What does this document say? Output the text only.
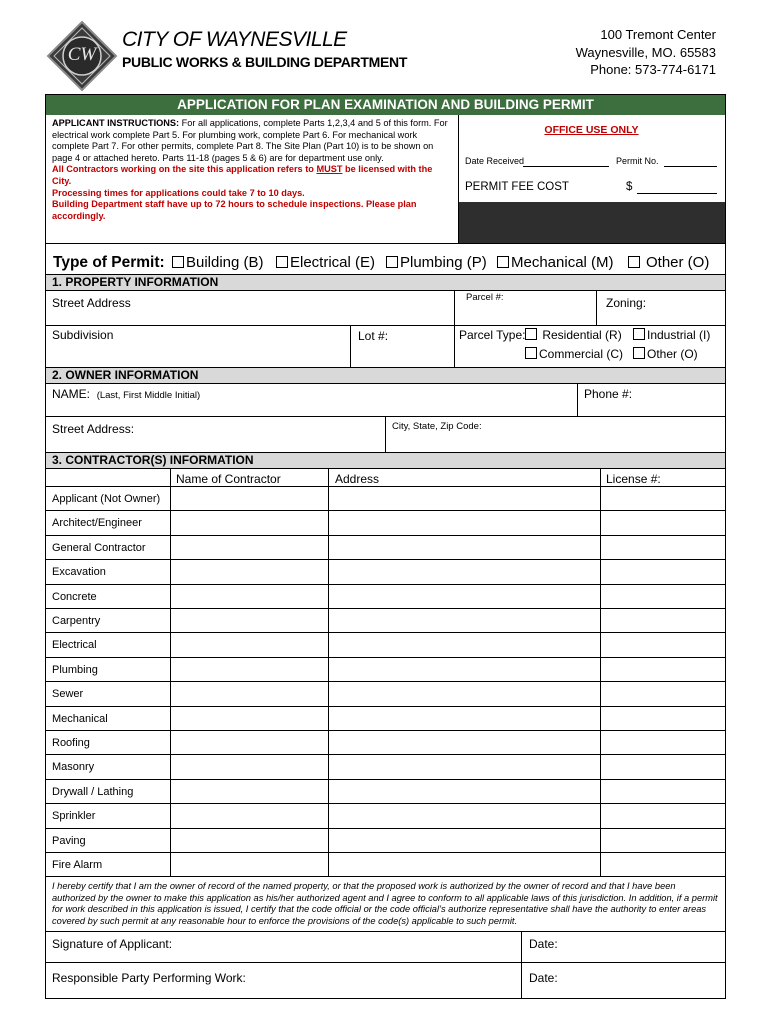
CW
CITY OF WAYNESVILLE
PUBLIC WORKS & BUILDING DEPARTMENT
100 Tremont Center
Waynesville, MO. 65583
Phone: 573-774-6171
APPLICATION FOR PLAN EXAMINATION AND BUILDING PERMIT
APPLICANT INSTRUCTIONS: For all applications, complete Parts 1,2,3,4 and 5 of this form. For electrical work complete Part 5. For plumbing work, complete Part 6. For mechanical work complete Part 7. For other permits, complete Part 8. The Site Plan (Part 10) is to be shown on page 4 or attached hereto. Parts 11-18 (pages 5 & 6) are for department use only.
All Contractors working on the site this application refers to MUST be licensed with the City.
Processing times for applications could take 7 to 10 days.
Building Department staff have up to 72 hours to schedule inspections. Please plan accordingly.
OFFICE USE ONLY
Date Received	Permit No.
PERMIT FEE COST	$
Type of Permit:	Building (B)	Electrical (E)	Plumbing (P)	Mechanical (M)	Other (O)
1. PROPERTY INFORMATION
Street Address	Parcel #:	Zoning:
Subdivision	Lot #:	Parcel Type:	Residential (R)	Industrial (I)
Commercial (C)	Other (O)
2. OWNER INFORMATION
NAME: (Last, First Middle Initial)	Phone #:
Street Address:	City, State, Zip Code:
3. CONTRACTOR(S) INFORMATION
Name of Contractor	Address	License #:
Applicant (Not Owner)
Architect/Engineer
General Contractor
Excavation
Concrete
Carpentry
Electrical
Plumbing
Sewer
Mechanical
Roofing
Masonry
Drywall / Lathing
Sprinkler
Paving
Fire Alarm
I hereby certify that I am the owner of record of the named property, or that the proposed work is authorized by the owner of record and that I have been authorized by the owner to make this application as his/her authorized agent and I agree to conform to all applicable laws of this jurisdiction. In addition, if a permit for work described in this application is issued, I certify that the code official or the code official’s authorize representative shall have the authority to enter areas covered by such permit at any reasonable hour to enforce the provisions of the code(s) applicable to such permit.
Signature of Applicant:	Date:
Responsible Party Performing Work:	Date:
